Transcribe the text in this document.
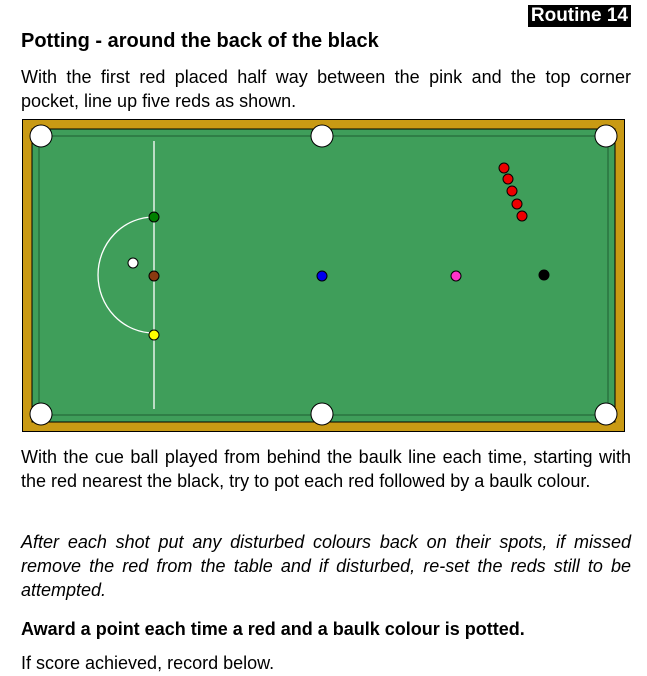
Routine 14
Potting - around the back of the black

With the first red placed half way between the pink and the top corner pocket, line up five reds as shown.

With the cue ball played from behind the baulk line each time, starting with the red nearest the black, try to pot each red followed by a baulk colour.

After each shot put any disturbed colours back on their spots, if missed remove the red from the table and if disturbed, re-set the reds still to be attempted.

Award a point each time a red and a baulk colour is potted.

If score achieved, record below.
